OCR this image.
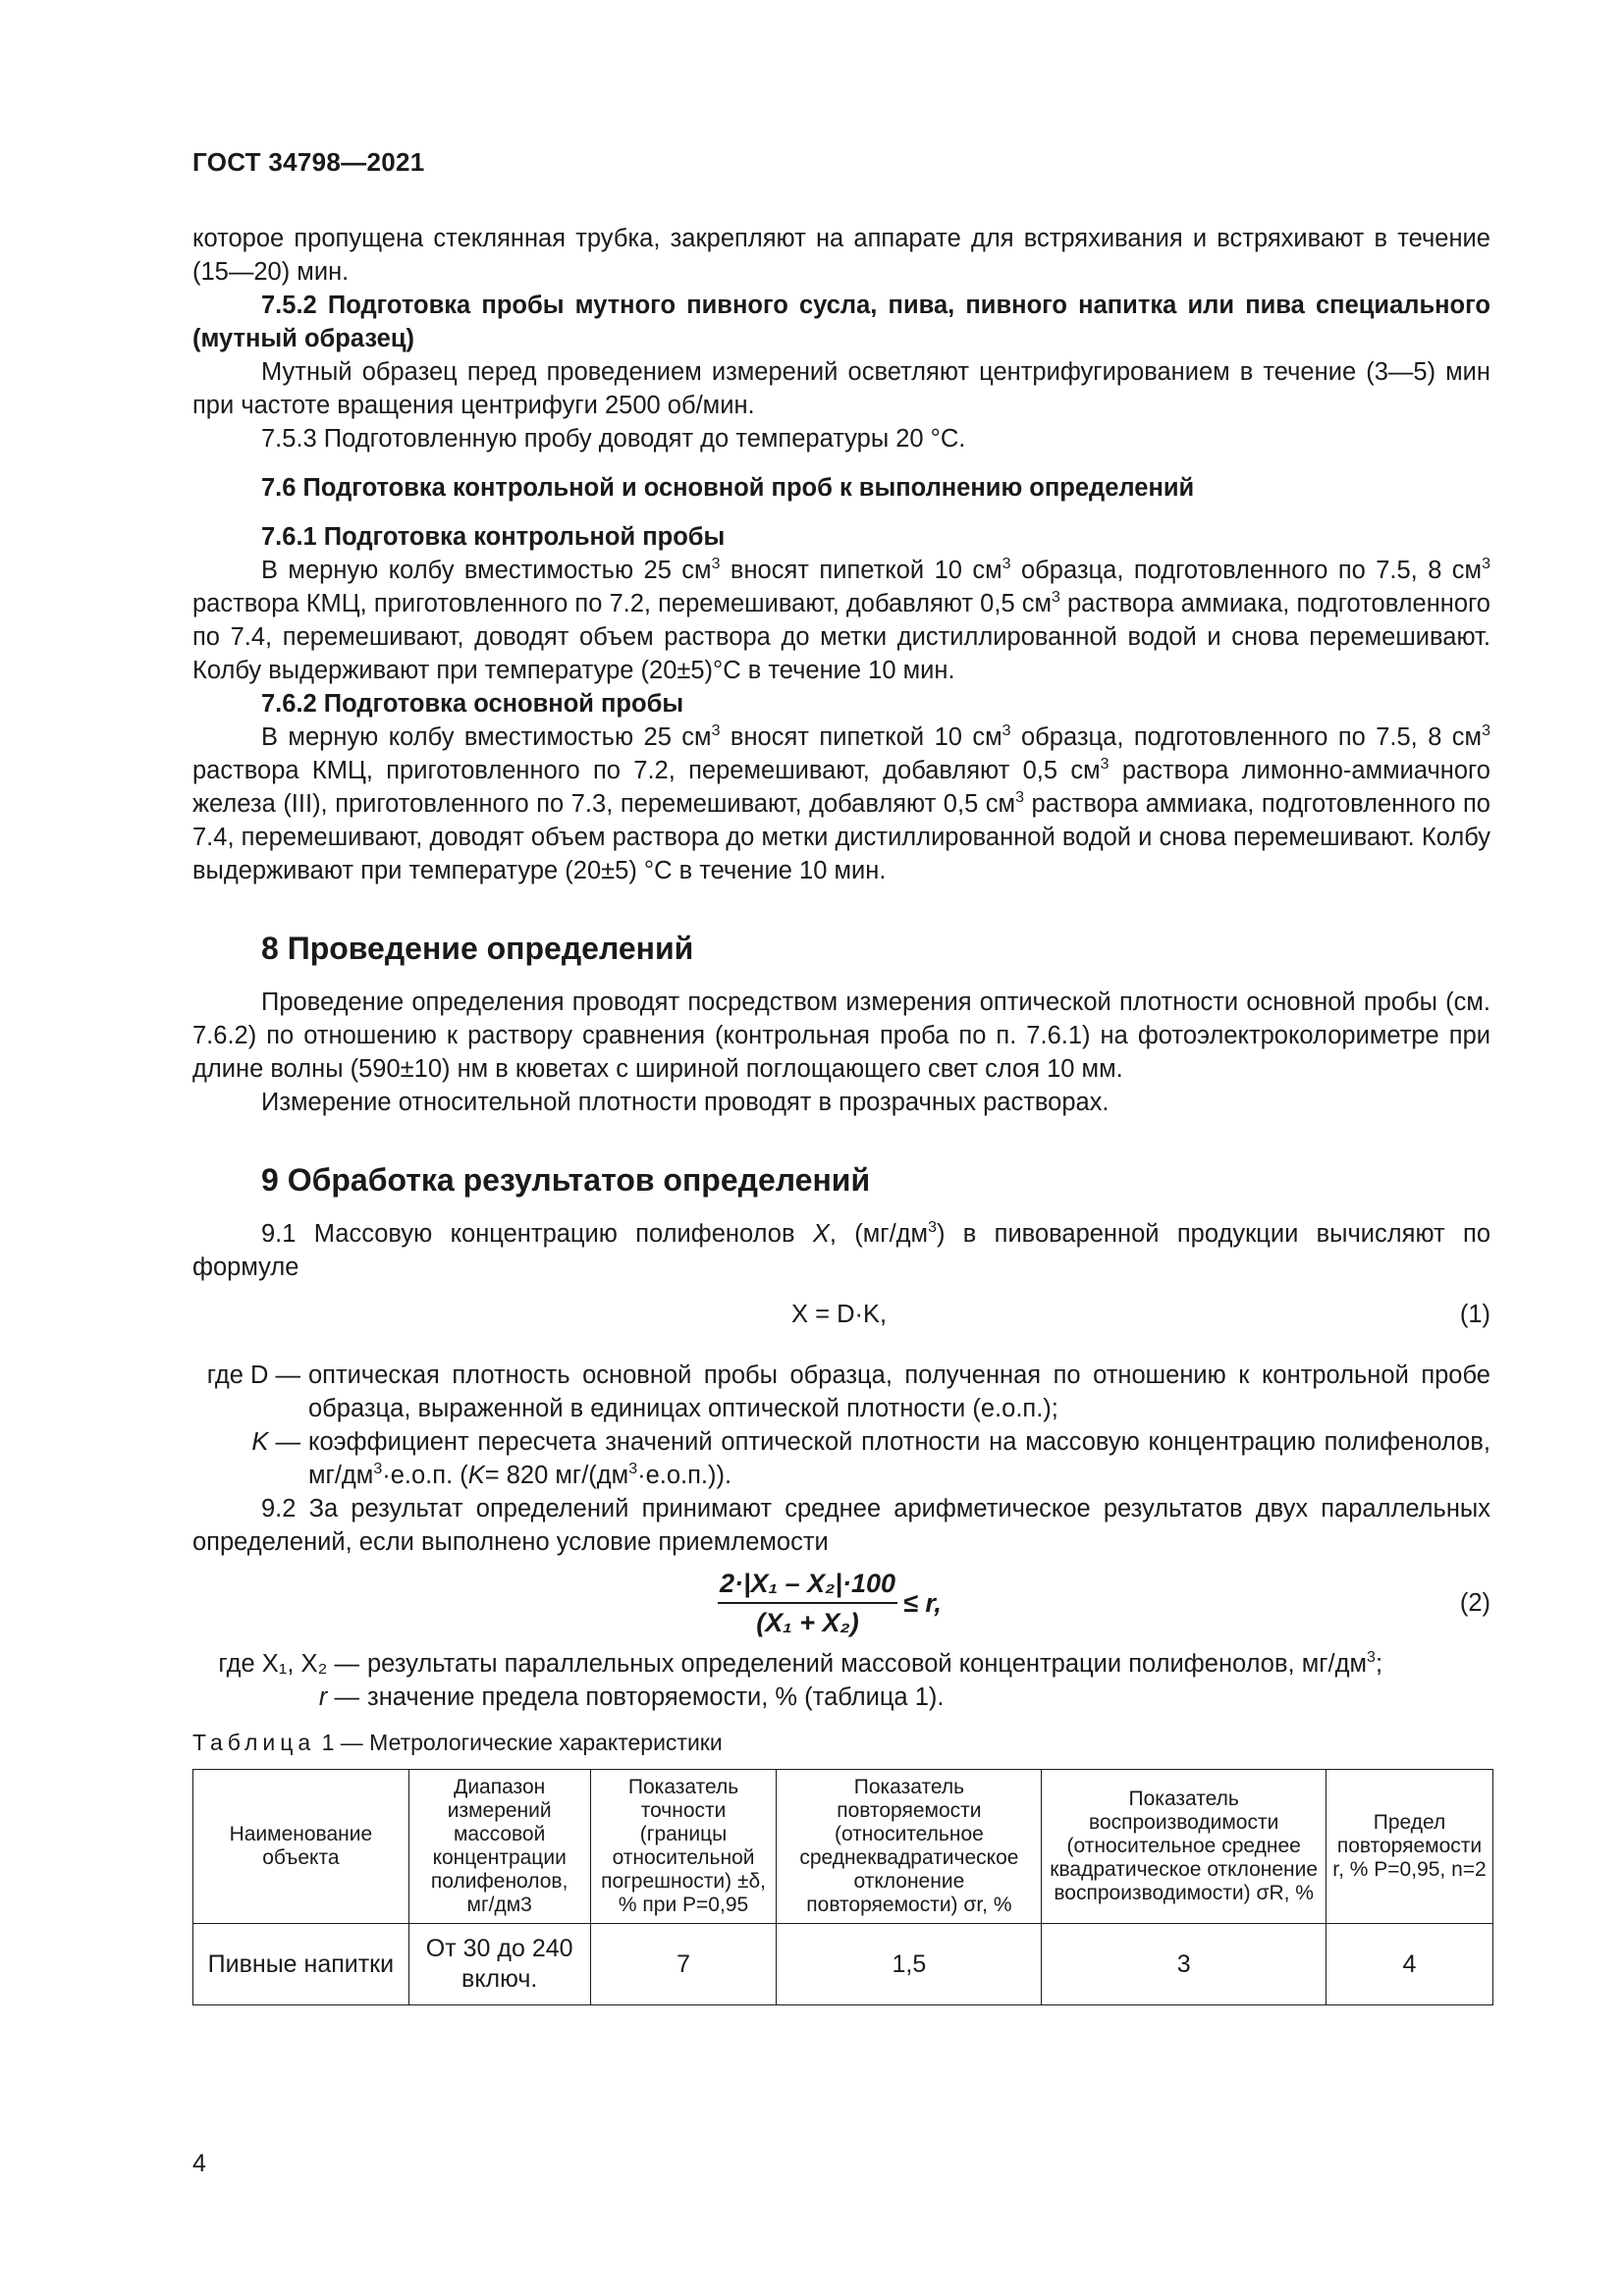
ГОСТ 34798—2021

которое пропущена стеклянная трубка, закрепляют на аппарате для встряхивания и встряхивают в течение (15—20) мин.

7.5.2 Подготовка пробы мутного пивного сусла, пива, пивного напитка или пива специального (мутный образец)

Мутный образец перед проведением измерений осветляют центрифугированием в течение (3—5) мин при частоте вращения центрифуги 2500 об/мин.

7.5.3 Подготовленную пробу доводят до температуры 20 °С.

7.6 Подготовка контрольной и основной проб к выполнению определений

7.6.1 Подготовка контрольной пробы

В мерную колбу вместимостью 25 $см^3$ вносят пипеткой 10 $см^3$ образца, подготовленного по 7.5, 8 $см^3$ раствора КМЦ, приготовленного по 7.2, перемешивают, добавляют 0,5 $см^3$ раствора аммиака, подготовленного по 7.4, перемешивают, доводят объем раствора до метки дистиллированной водой и снова перемешивают. Колбу выдерживают при температуре (20±5)°С в течение 10 мин.

7.6.2 Подготовка основной пробы

В мерную колбу вместимостью 25 $см^3$ вносят пипеткой 10 $см^3$ образца, подготовленного по 7.5, 8 $см^3$ раствора КМЦ, приготовленного по 7.2, перемешивают, добавляют 0,5 $см^3$ раствора лимонно-аммиачного железа (III), приготовленного по 7.3, перемешивают, добавляют 0,5 $см^3$ раствора аммиака, подготовленного по 7.4, перемешивают, доводят объем раствора до метки дистиллированной водой и снова перемешивают. Колбу выдерживают при температуре (20±5) °С в течение 10 мин.

8 Проведение определений

Проведение определения проводят посредством измерения оптической плотности основной пробы (см. 7.6.2) по отношению к раствору сравнения (контрольная проба по п. 7.6.1) на фотоэлектроколориметре при длине волны (590±10) нм в кюветах с шириной поглощающего свет слоя 10 мм.

Измерение относительной плотности проводят в прозрачных растворах.

9 Обработка результатов определений

9.1 Массовую концентрацию полифенолов X, $(мг/дм^3)$ в пивоваренной продукции вычисляют по формуле

X = D·K,	(1)
где D — оптическая плотность основной пробы образца, полученная по отношению к контрольной пробе образца, выраженной в единицах оптической плотности (е.о.п.);
K — коэффициент пересчета значений оптической плотности на массовую концентрацию полифенолов, $мг/дм^3\cdot е.о.п$. (K= 820 $мг/(дм^3\cdot е.о.п.)$).

9.2 За результат определений принимают среднее арифметическое результатов двух параллельных определений, если выполнено условие приемлемости

$\frac{\text{2·|X₁ – X₂|·100}}{\text{(X₁ + X₂)}} \le r$,	(2)
где X₁, X₂ — результаты параллельных определений массовой концентрации полифенолов, $мг/дм^3$;
r — значение предела повторяемости, % (таблица 1).
Таблица 1 — Метрологические характеристики
Наименование объекта	Диапазон измерений массовой концентрации полифенолов, мг/дм3	Показатель точности (границы относительной погрешности) ±δ, % при P=0,95	Показатель повторяемости (относительное среднеквадратическое отклонение повторяемости) σr, %	Показатель воспроизводимости (относительное среднее квадратическое отклонение воспроизводимости) σR, %	Предел повторяемости r, % P=0,95, n=2
Пивные напитки	От 30 до 240 включ.	7	1,5	3	4
4
